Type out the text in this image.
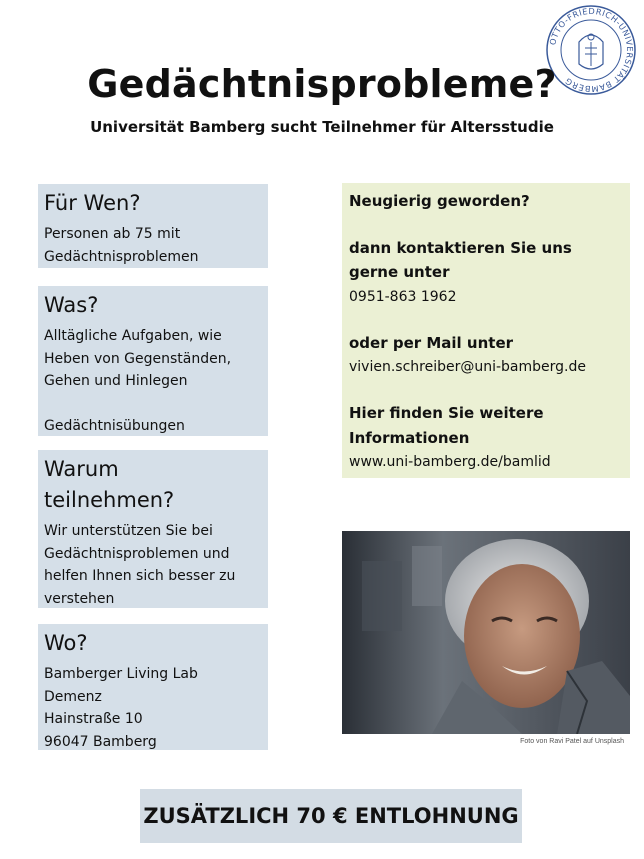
OTTO-FRIEDRICH-UNIVERSITÄT BAMBERG
Gedächtnisprobleme?
Universität Bamberg sucht Teilnehmer für Altersstudie
Für Wen?

Personen ab 75 mit
Gedächtnisproblemen

Was?

Alltägliche Aufgaben, wie
Heben von Gegenständen,
Gehen und Hinlegen

Gedächtnisübungen

Warum
teilnehmen?

Wir unterstützen Sie bei
Gedächtnisproblemen und
helfen Ihnen sich besser zu
verstehen

Wo?

Bamberger Living Lab
Demenz
Hainstraße 10
96047 Bamberg

Neugierig geworden?
dann kontaktieren Sie uns gerne unter
0951-863 1962
oder per Mail unter
vivien.schreiber@uni-bamberg.de
Hier finden Sie weitere Informationen
www.uni-bamberg.de/bamlid
Foto von Ravi Patel auf Unsplash
ZUSÄTZLICH 70 € ENTLOHNUNG
